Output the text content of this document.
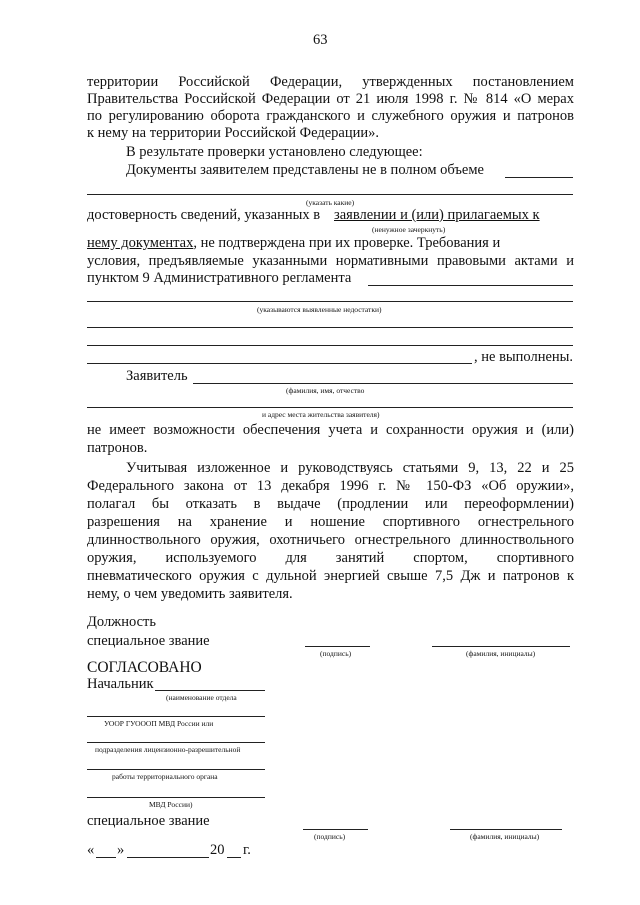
63
территории Российской Федерации, утвержденных постановлением
Правительства Российской Федерации от 21 июля 1998 г. № 814 «О мерах
по регулированию оборота гражданского и служебного оружия и патронов
к нему на территории Российской Федерации».
В результате проверки установлено следующее:
Документы заявителем представлены не в полном объеме
(указать какие)
достоверность сведений, указанных в заявлении и (или) прилагаемых к
(ненужное зачеркнуть)
нему документах, не подтверждена при их проверке. Требования и
условия, предъявляемые указанными нормативными правовыми актами и
пунктом 9 Административного регламента
(указываются выявленные недостатки)
, не выполнены.
Заявитель
(фамилия, имя, отчество
и адрес места жительства заявителя)
не имеет возможности обеспечения учета и сохранности оружия и (или)
патронов.
Учитывая изложенное и руководствуясь статьями 9, 13, 22 и 25
Федерального закона от 13 декабря 1996 г. № 150-ФЗ «Об оружии»,
полагал бы отказать в выдаче (продлении или переоформлении)
разрешения на хранение и ношение спортивного огнестрельного
длинноствольного оружия, охотничьего огнестрельного длинноствольного
оружия, используемого для занятий спортом, спортивного
пневматического оружия с дульной энергией свыше 7,5 Дж и патронов к
нему, о чем уведомить заявителя.
Должность
специальное звание
(подпись)	(фамилия, инициалы)
СОГЛАСОВАНО
Начальник
(наименование отдела
УООР ГУОООП МВД России или
подразделения лицензионно-разрешительной
работы территориального органа
МВД России)
специальное звание
(подпись)	(фамилия, инициалы)
« »	20 г.
